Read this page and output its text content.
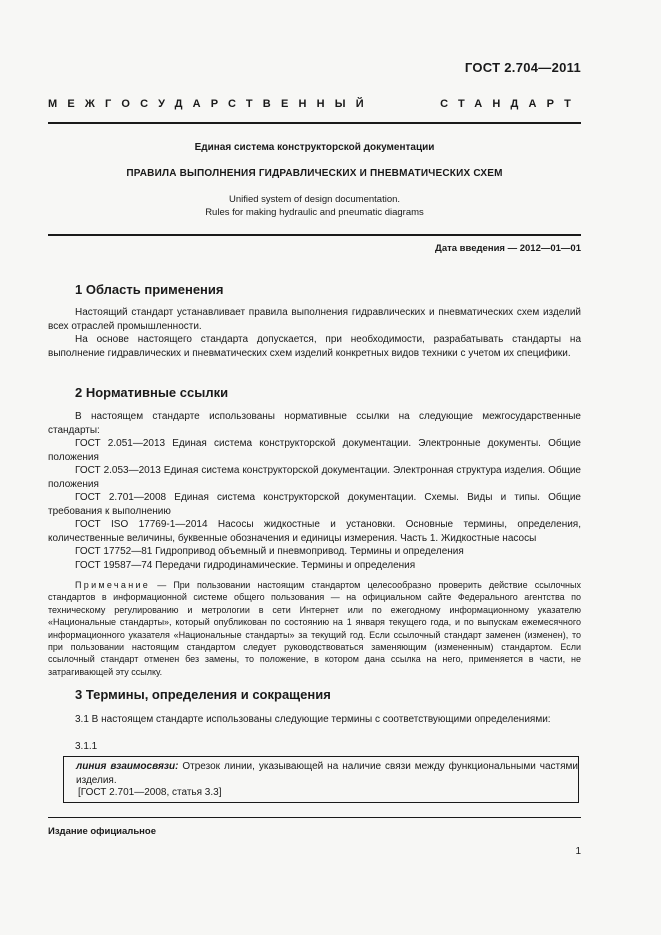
ГОСТ 2.704—2011
МЕЖГОСУДАРСТВЕННЫЙ	СТАНДАРТ
Единая система конструкторской документации
ПРАВИЛА ВЫПОЛНЕНИЯ ГИДРАВЛИЧЕСКИХ И ПНЕВМАТИЧЕСКИХ СХЕМ
Unified system of design documentation.
Rules for making hydraulic and pneumatic diagrams
Дата введения — 2012—01—01
1 Область применения
Настоящий стандарт устанавливает правила выполнения гидравлических и пневматических схем изделий всех отраслей промышленности.
На основе настоящего стандарта допускается, при необходимости, разрабатывать стандарты на выполнение гидравлических и пневматических схем изделий конкретных видов техники с учетом их специфики.
2 Нормативные ссылки
В настоящем стандарте использованы нормативные ссылки на следующие межгосударственные стандарты:
ГОСТ 2.051—2013 Единая система конструкторской документации. Электронные документы. Общие положения
ГОСТ 2.053—2013 Единая система конструкторской документации. Электронная структура изделия. Общие положения
ГОСТ 2.701—2008 Единая система конструкторской документации. Схемы. Виды и типы. Общие требования к выполнению
ГОСТ ISO 17769-1—2014 Насосы жидкостные и установки. Основные термины, определения, количественные величины, буквенные обозначения и единицы измерения. Часть 1. Жидкостные насосы
ГОСТ 17752—81 Гидропривод объемный и пневмопривод. Термины и определения
ГОСТ 19587—74 Передачи гидродинамические. Термины и определения
Примечание — При пользовании настоящим стандартом целесообразно проверить действие ссылочных стандартов в информационной системе общего пользования — на официальном сайте Федерального агентства по техническому регулированию и метрологии в сети Интернет или по ежегодному информационному указателю «Национальные стандарты», который опубликован по состоянию на 1 января текущего года, и по выпускам ежемесячного информационного указателя «Национальные стандарты» за текущий год. Если ссылочный стандарт заменен (изменен), то при пользовании настоящим стандартом следует руководствоваться заменяющим (измененным) стандартом. Если ссылочный стандарт отменен без замены, то положение, в котором дана ссылка на него, применяется в части, не затрагивающей эту ссылку.
3 Термины, определения и сокращения
3.1 В настоящем стандарте использованы следующие термины с соответствующими определениями:
3.1.1
линия взаимосвязи: Отрезок линии, указывающей на наличие связи между функциональными частями изделия.
[ГОСТ 2.701—2008, статья 3.3]
Издание официальное
1
